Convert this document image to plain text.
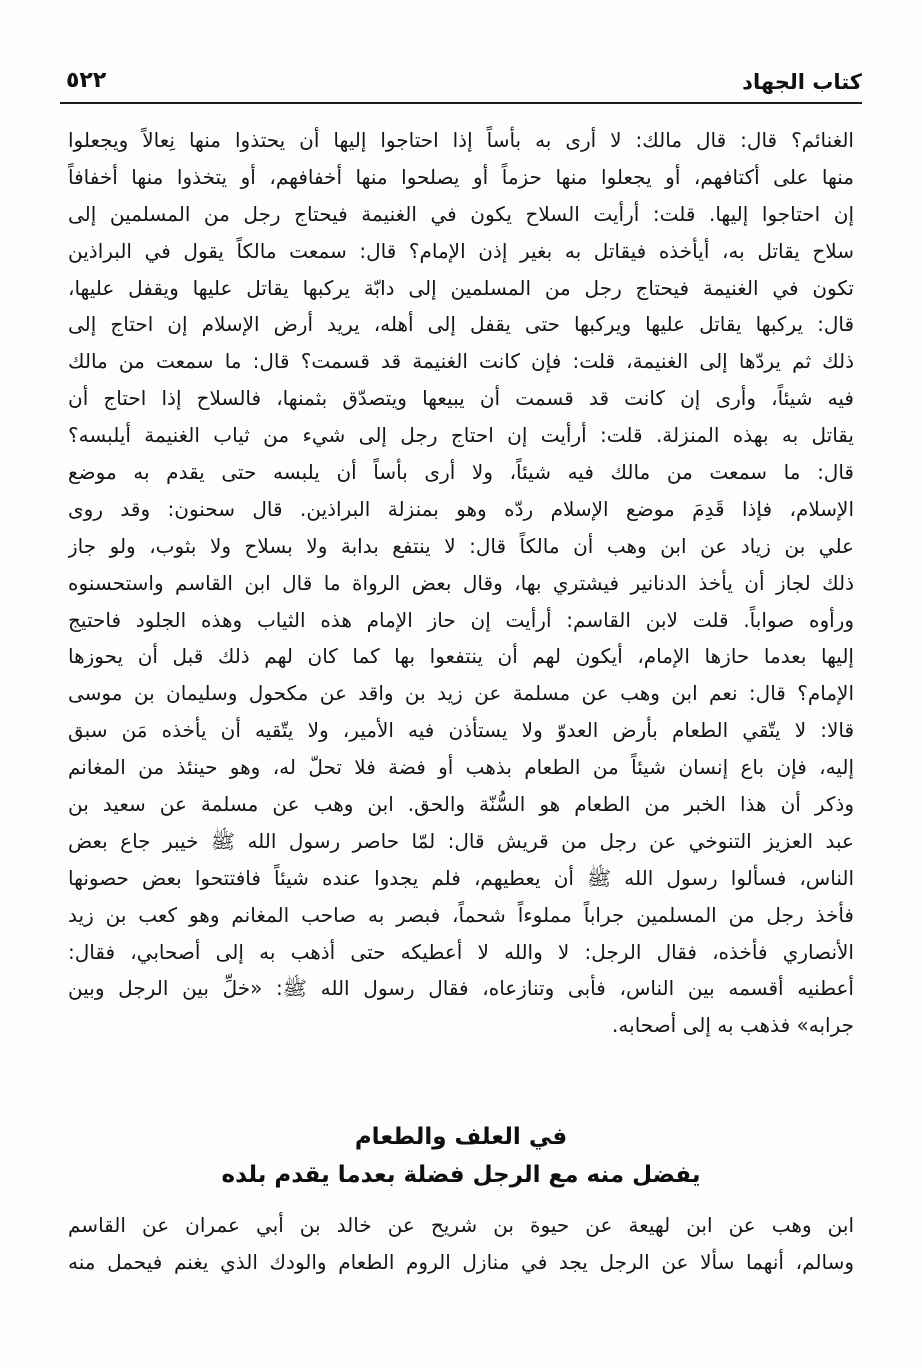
كتاب الجهاد
٥٢٢
الغنائم؟ قال: قال مالك: لا أرى به بأساً إذا احتاجوا إليها أن يحتذوا منها نِعالاً ويجعلوا
منها على أكتافهم، أو يجعلوا منها حزماً أو يصلحوا منها أخفافهم، أو يتخذوا منها أخفافاً
إن احتاجوا إليها. قلت: أرأيت السلاح يكون في الغنيمة فيحتاج رجل من المسلمين إلى
سلاح يقاتل به، أيأخذه فيقاتل به بغير إذن الإمام؟ قال: سمعت مالكاً يقول في البراذين
تكون في الغنيمة فيحتاج رجل من المسلمين إلى دابّة يركبها يقاتل عليها ويقفل عليها،
قال: يركبها يقاتل عليها ويركبها حتى يقفل إلى أهله، يريد أرض الإسلام إن احتاج إلى
ذلك ثم يردّها إلى الغنيمة، قلت: فإن كانت الغنيمة قد قسمت؟ قال: ما سمعت من مالك
فيه شيئاً، وأرى إن كانت قد قسمت أن يبيعها ويتصدّق بثمنها، فالسلاح إذا احتاج أن
يقاتل به بهذه المنزلة. قلت: أرأيت إن احتاج رجل إلى شيء من ثياب الغنيمة أيلبسه؟
قال: ما سمعت من مالك فيه شيئاً، ولا أرى بأساً أن يلبسه حتى يقدم به موضع
الإسلام، فإذا قَدِمَ موضع الإسلام ردّه وهو بمنزلة البراذين. قال سحنون: وقد روى
علي بن زياد عن ابن وهب أن مالكاً قال: لا ينتفع بدابة ولا بسلاح ولا بثوب، ولو جاز
ذلك لجاز أن يأخذ الدنانير فيشتري بها، وقال بعض الرواة ما قال ابن القاسم واستحسنوه
ورأوه صواباً. قلت لابن القاسم: أرأيت إن حاز الإمام هذه الثياب وهذه الجلود فاحتيج
إليها بعدما حازها الإمام، أيكون لهم أن ينتفعوا بها كما كان لهم ذلك قبل أن يحوزها
الإمام؟ قال: نعم ابن وهب عن مسلمة عن زيد بن واقد عن مكحول وسليمان بن موسى
قالا: لا يتّقي الطعام بأرض العدوّ ولا يستأذن فيه الأمير، ولا يتّقيه أن يأخذه مَن سبق
إليه، فإن باع إنسان شيئاً من الطعام بذهب أو فضة فلا تحلّ له، وهو حينئذ من المغانم
وذكر أن هذا الخبر من الطعام هو السُّنّة والحق. ابن وهب عن مسلمة عن سعيد بن
عبد العزيز التنوخي عن رجل من قريش قال: لمّا حاصر رسول الله ﷺ خيبر جاع بعض
الناس، فسألوا رسول الله ﷺ أن يعطيهم، فلم يجدوا عنده شيئاً فافتتحوا بعض حصونها
فأخذ رجل من المسلمين جراباً مملوءاً شحماً، فبصر به صاحب المغانم وهو كعب بن زيد
الأنصاري فأخذه، فقال الرجل: لا والله لا أعطيكه حتى أذهب به إلى أصحابي، فقال:
أعطنيه أقسمه بين الناس، فأبى وتنازعاه، فقال رسول الله ﷺ: «خلِّ بين الرجل وبين
جرابه» فذهب به إلى أصحابه.
في العلف والطعام
يفضل منه مع الرجل فضلة بعدما يقدم بلده
ابن وهب عن ابن لهيعة عن حيوة بن شريح عن خالد بن أبي عمران عن القاسم
وسالم، أنهما سألا عن الرجل يجد في منازل الروم الطعام والودك الذي يغنم فيحمل منه
